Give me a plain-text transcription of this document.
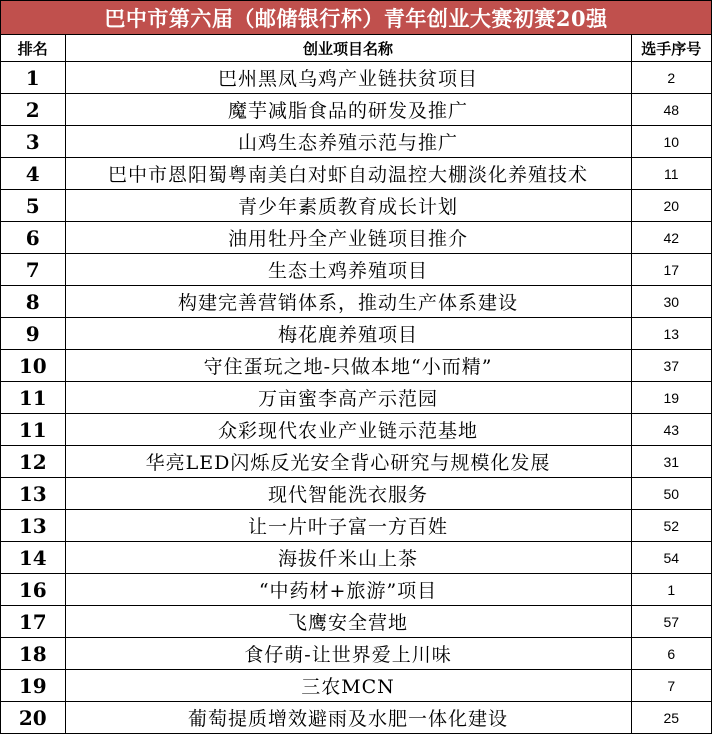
巴中市第六届（邮储银行杯）青年创业大赛初赛20强
排名	创业项目名称	选手序号
1	巴州黑凤乌鸡产业链扶贫项目	2
2	魔芋减脂食品的研发及推广	48
3	山鸡生态养殖示范与推广	10
4	巴中市恩阳蜀粤南美白对虾自动温控大棚淡化养殖技术	11
5	青少年素质教育成长计划	20
6	油用牡丹全产业链项目推介	42
7	生态土鸡养殖项目	17
8	构建完善营销体系，推动生产体系建设	30
9	梅花鹿养殖项目	13
10	守住蛋玩之地-只做本地“小而精”	37
11	万亩蜜李高产示范园	19
11	众彩现代农业产业链示范基地	43
12	华亮LED闪烁反光安全背心研究与规模化发展	31
13	现代智能洗衣服务	50
13	让一片叶子富一方百姓	52
14	海拔仟米山上茶	54
16	“中药材+旅游”项目	1
17	飞鹰安全营地	57
18	食仔萌-让世界爱上川味	6
19	三农MCN	7
20	葡萄提质增效避雨及水肥一体化建设	25
